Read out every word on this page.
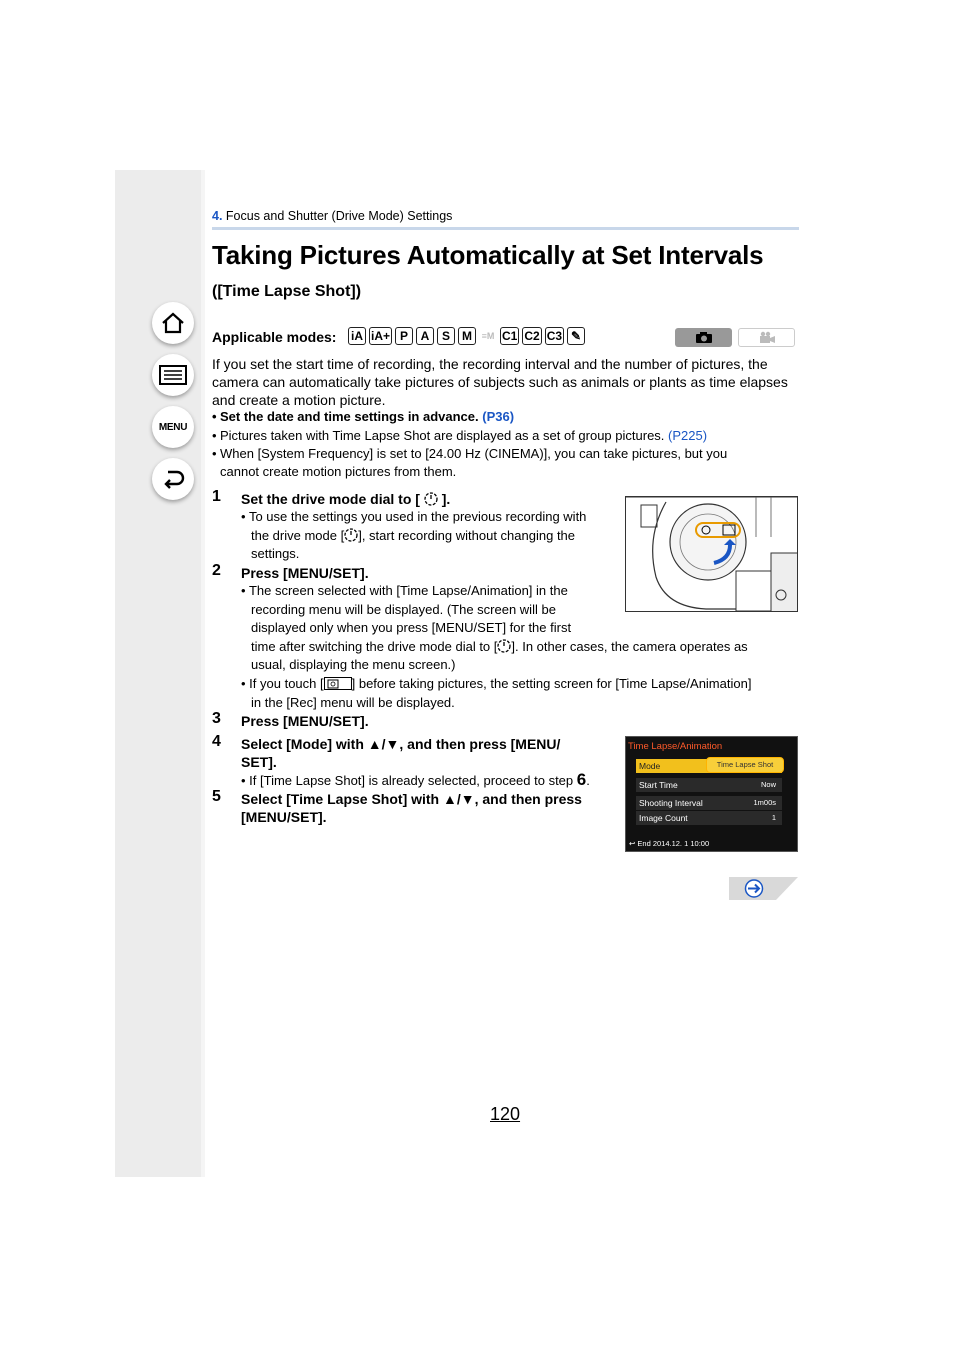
MENU
4. Focus and Shutter (Drive Mode) Settings
Taking Pictures Automatically at Set Intervals
([Time Lapse Shot])
Applicable modes: iA iA+ P	A	S	M	≡M C1 C2 C3 ✎

If you set the start time of recording, the recording interval and the number of pictures, the camera can automatically take pictures of subjects such as animals or plants as time elapses and create a motion picture.

• Set the date and time settings in advance. (P36)
• Pictures taken with Time Lapse Shot are displayed as a set of group pictures. (P225)
• When [System Frequency] is set to [24.00 Hz (CINEMA)], you can take pictures, but you
cannot create motion pictures from them.
1 Set the drive mode dial to [ ].
• To use the settings you used in the previous recording with
the drive mode [ ], start recording without changing the
settings.
2 Press [MENU/SET].
• The screen selected with [Time Lapse/Animation] in the
recording menu will be displayed. (The screen will be
displayed only when you press [MENU/SET] for the first
time after switching the drive mode dial to [ ]. In other cases, the camera operates as
usual, displaying the menu screen.)
• If you touch [ ] before taking pictures, the setting screen for [Time Lapse/Animation]
in the [Rec] menu will be displayed.
3 Press [MENU/SET].
4 Select [Mode] with ▲/▼, and then press [MENU/
SET].
• If [Time Lapse Shot] is already selected, proceed to step 6.
5 Select [Time Lapse Shot] with ▲/▼, and then press
[MENU/SET].
Time Lapse/Animation
Mode	Time Lapse Shot
Start Time	Now
Shooting Interval	1m00s
Image Count	1
↩ End 2014.12. 1 10:00
120
